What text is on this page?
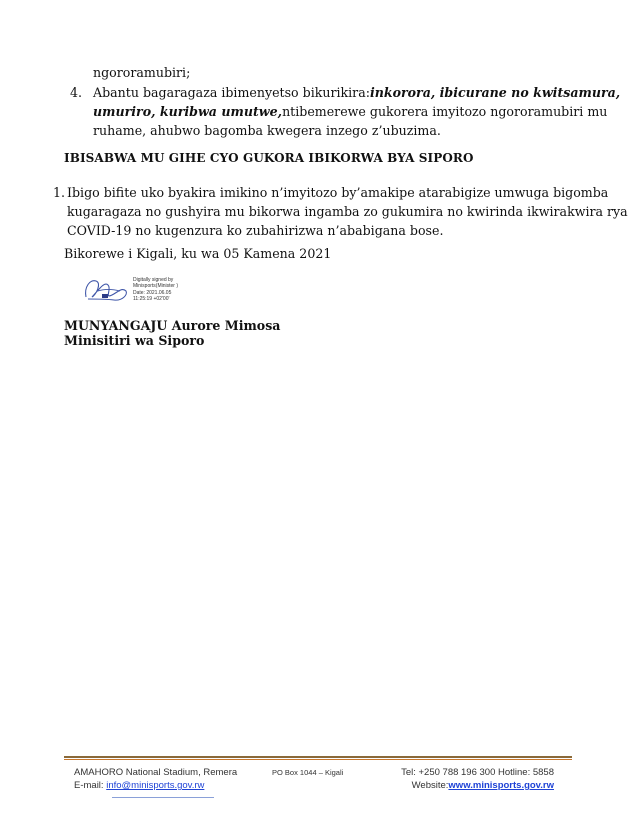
ngororamubiri;
4. Abantu bagaragaza ibimenyetso bikurikira: inkorora, ibicurane no kwitsamura,
umuriro, kuribwa umutwe, ntibemerewe gukorera imyitozo ngororamubiri mu
ruhame, ahubwo bagomba kwegera inzego z’ubuzima.
IBISABWA MU GIHE CYO GUKORA IBIKORWA BYA SIPORO
1. Ibigo bifite uko byakira imikino n’imyitozo by’amakipe atarabigize umwuga bigomba
kugaragaza no gushyira mu bikorwa ingamba zo gukumira no kwirinda ikwirakwira rya
COVID-19 no kugenzura ko zubahirizwa n’ababigana bose.
Bikorewe i Kigali, ku wa 05 Kamena 2021
Digitally signed by
Minisports(Minister )
Date: 2021.06.05
11:25:19 +02'00'
MUNYANGAJU Aurore Mimosa
Minisitiri wa Siporo
AMAHORO National Stadium, Remera
E-mail: info@minisports.gov.rw
PO Box 1044 – Kigali	Tel: +250 788 196 300 Hotline: 5858
Website:www.minisports.gov.rw
